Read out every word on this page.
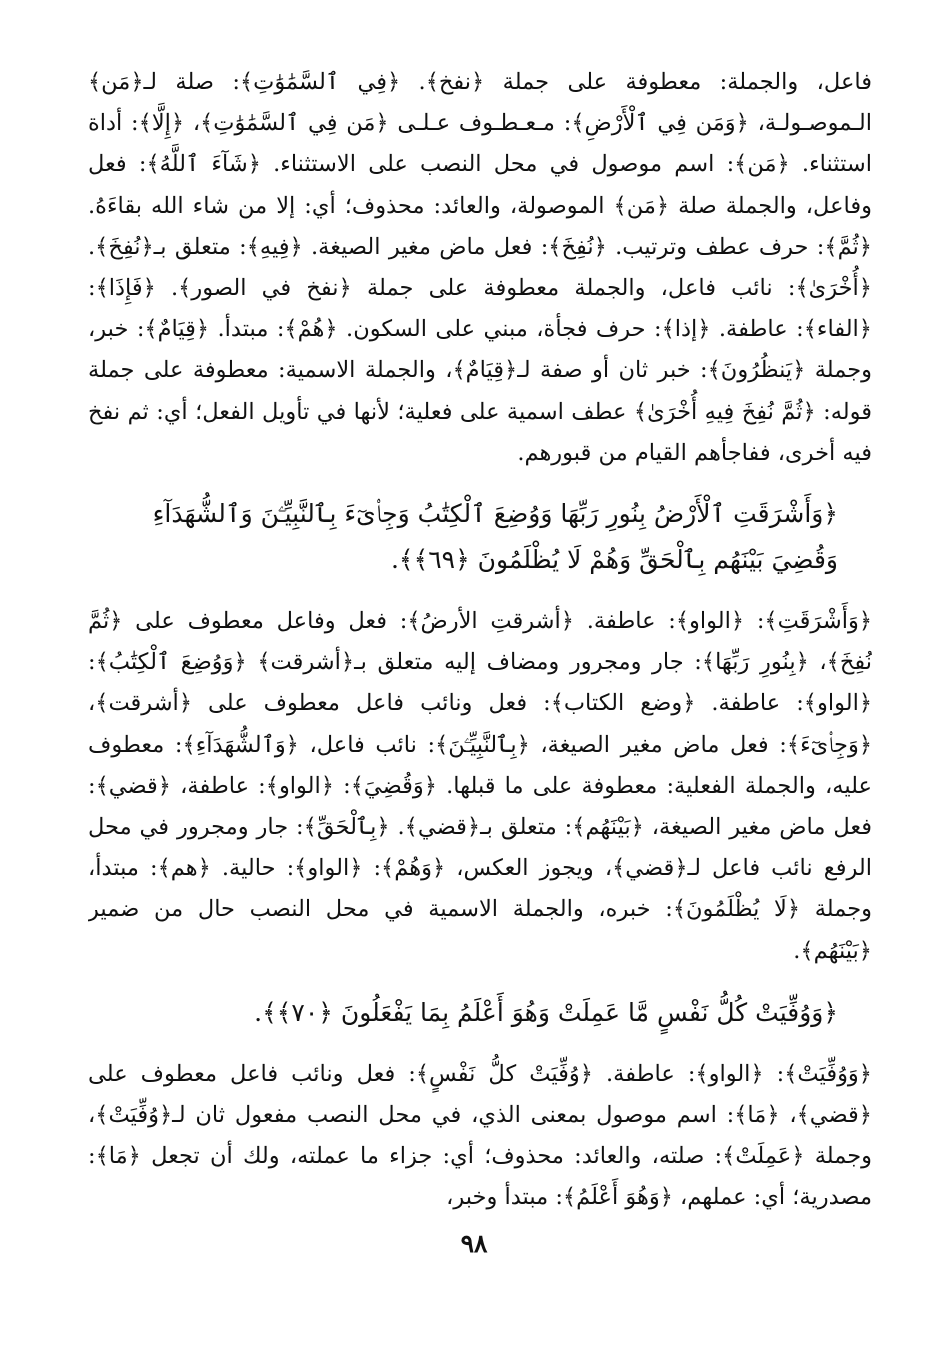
فاعل، والجملة: معطوفة على جملة ﴿نفخ﴾. ﴿فِي ٱلسَّمَٰوَٰتِ﴾: صلة لـ﴿مَن﴾ الـموصـولـة، ﴿وَمَن فِي ٱلْأَرْضِ﴾: مـعـطـوف عـلـى ﴿مَن فِي ٱلسَّمَٰوَٰتِ﴾، ﴿إِلَّا﴾: أداة استثناء. ﴿مَن﴾: اسم موصول في محل النصب على الاستثناء. ﴿شَآءَ ٱللَّهُ﴾: فعل وفاعل، والجملة صلة ﴿مَن﴾ الموصولة، والعائد: محذوف؛ أي: إلا من شاء الله بقاءَهُ. ﴿ثُمَّ﴾: حرف عطف وترتيب. ﴿نُفِخَ﴾: فعل ماض مغير الصيغة. ﴿فِيهِ﴾: متعلق بـ﴿نُفِخَ﴾. ﴿أُخْرَىٰ﴾: نائب فاعل، والجملة معطوفة على جملة ﴿نفخ في الصور﴾. ﴿فَإِذَا﴾: ﴿الفاء﴾: عاطفة. ﴿إذا﴾: حرف فجأة، مبني على السكون. ﴿هُمْ﴾: مبتدأ. ﴿قِيَامٌ﴾: خبر، وجملة ﴿يَنظُرُونَ﴾: خبر ثان أو صفة لـ﴿قِيَامٌ﴾، والجملة الاسمية: معطوفة على جملة قوله: ﴿ثُمَّ نُفِخَ فِيهِ أُخْرَىٰ﴾ عطف اسمية على فعلية؛ لأنها في تأويل الفعل؛ أي: ثم نفخ فيه أخرى، ففاجأهم القيام من قبورهم.

﴿وَأَشْرَقَتِ ٱلْأَرْضُ بِنُورِ رَبِّهَا وَوُضِعَ ٱلْكِتَٰبُ وَجِا۟ىٓءَ بِٱلنَّبِيِّـۧنَ وَٱلشُّهَدَآءِ وَقُضِيَ بَيْنَهُم بِٱلْحَقِّ وَهُمْ لَا يُظْلَمُونَ ﴿٦٩﴾﴾.

﴿وَأَشْرَقَتِ﴾: ﴿الواو﴾: عاطفة. ﴿أشرقتِ الأرضُ﴾: فعل وفاعل معطوف على ﴿ثُمَّ نُفِخَ﴾، ﴿بِنُورِ رَبِّهَا﴾: جار ومجرور ومضاف إليه متعلق بـ﴿أشرقت﴾ ﴿وَوُضِعَ ٱلْكِتَٰبُ﴾: ﴿الواو﴾: عاطفة. ﴿وضع الكتاب﴾: فعل ونائب فاعل معطوف على ﴿أشرقت﴾، ﴿وَجِا۟ىٓءَ﴾: فعل ماض مغير الصيغة، ﴿بِٱلنَّبِيِّـۧنَ﴾: نائب فاعل، ﴿وَٱلشُّهَدَآءِ﴾: معطوف عليه، والجملة الفعلية: معطوفة على ما قبلها. ﴿وَقُضِيَ﴾: ﴿الواو﴾: عاطفة، ﴿قضي﴾: فعل ماض مغير الصيغة، ﴿بَيْنَهُم﴾: متعلق بـ﴿قضي﴾. ﴿بِٱلْحَقِّ﴾: جار ومجرور في محل الرفع نائب فاعل لـ﴿قضي﴾، ويجوز العكس، ﴿وَهُمْ﴾: ﴿الواو﴾: حالية. ﴿هم﴾: مبتدأ، وجملة ﴿لَا يُظْلَمُونَ﴾: خبره، والجملة الاسمية في محل النصب حال من ضمير ﴿بَيْنَهُم﴾.

﴿وَوُفِّيَتْ كُلُّ نَفْسٍ مَّا عَمِلَتْ وَهُوَ أَعْلَمُ بِمَا يَفْعَلُونَ ﴿٧٠﴾﴾.

﴿وَوُفِّيَتْ﴾: ﴿الواو﴾: عاطفة. ﴿وُفِّيَتْ كلُّ نَفْسٍ﴾: فعل ونائب فاعل معطوف على ﴿قضي﴾، ﴿مَا﴾: اسم موصول بمعنى الذي، في محل النصب مفعول ثان لـ﴿وُفِّيَتْ﴾، وجملة ﴿عَمِلَتْ﴾: صلته، والعائد: محذوف؛ أي: جزاء ما عملته، ولك أن تجعل ﴿مَا﴾: مصدرية؛ أي: عملهم، ﴿وَهُوَ أَعْلَمُ﴾: مبتدأ وخبر،

٩٨
